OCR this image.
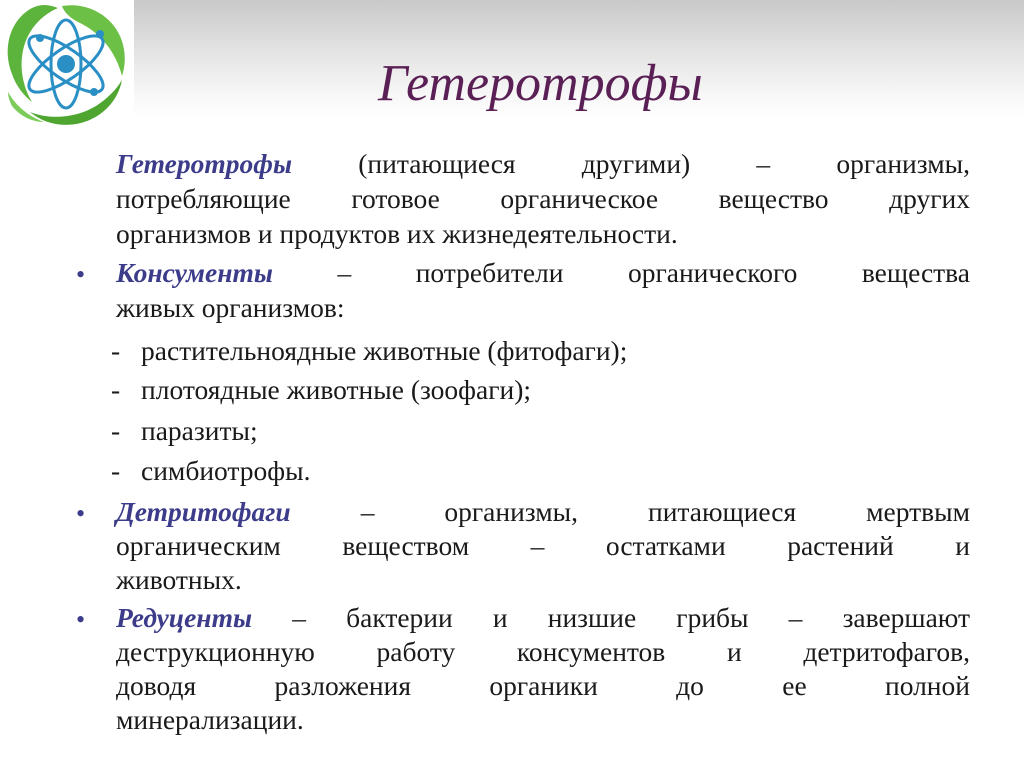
Гетеротрофы
Гетеротрофы (питающиеся другими) – организмы,
потребляющие готовое органическое вещество других
организмов и продуктов их жизнедеятельности.
• Консументы – потребители органического вещества
живых организмов:
- растительноядные животные (фитофаги);
- плотоядные животные (зоофаги);
- паразиты;
- симбиотрофы.
• Детритофаги	– организмы, питающиеся мертвым
органическим веществом – остатками растений и
животных.
• Редуценты – бактерии и низшие грибы – завершают
деструкционную работу консументов и детритофагов,
доводя разложения органики до ее полной
минерализации.
